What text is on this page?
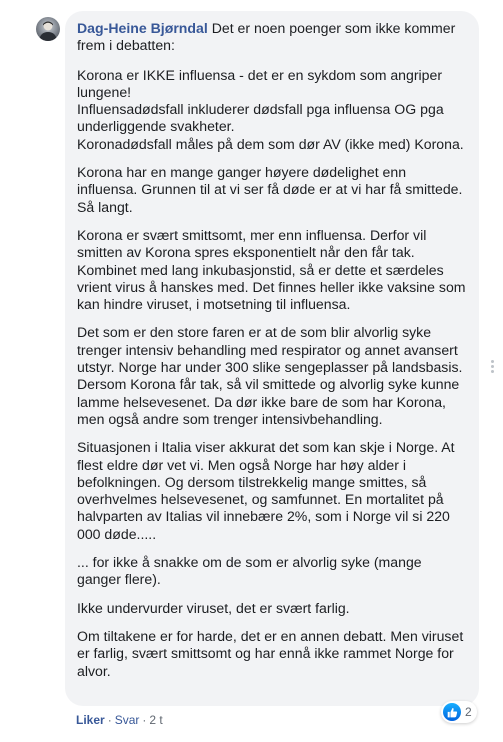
Dag-Heine Bjørndal Det er noen poenger som ikke kommer frem i debatten:

Korona er IKKE influensa - det er en sykdom som angriper lungene!
Influensadødsfall inkluderer dødsfall pga influensa OG pga underliggende svakheter.
Koronadødsfall måles på dem som dør AV (ikke med) Korona.

Korona har en mange ganger høyere dødelighet enn influensa. Grunnen til at vi ser få døde er at vi har få smittede. Så langt.

Korona er svært smittsomt, mer enn influensa. Derfor vil smitten av Korona spres eksponentielt når den får tak. Kombinet med lang inkubasjonstid, så er dette et særdeles vrient virus å hanskes med. Det finnes heller ikke vaksine som kan hindre viruset, i motsetning til influensa.

Det som er den store faren er at de som blir alvorlig syke trenger intensiv behandling med respirator og annet avansert utstyr. Norge har under 300 slike sengeplasser på landsbasis. Dersom Korona får tak, så vil smittede og alvorlig syke kunne lamme helsevesenet. Da dør ikke bare de som har Korona, men også andre som trenger intensivbehandling.

Situasjonen i Italia viser akkurat det som kan skje i Norge. At flest eldre dør vet vi. Men også Norge har høy alder i befolkningen. Og dersom tilstrekkelig mange smittes, så overhvelmes helsevesenet, og samfunnet. En mortalitet på halvparten av Italias vil innebære 2%, som i Norge vil si 220 000 døde.....

... for ikke å snakke om de som er alvorlig syke (mange ganger flere).

Ikke undervurder viruset, det er svært farlig.

Om tiltakene er for harde, det er en annen debatt. Men viruset er farlig, svært smittsomt og har ennå ikke rammet Norge for alvor.

2
Liker · Svar · 2 t
